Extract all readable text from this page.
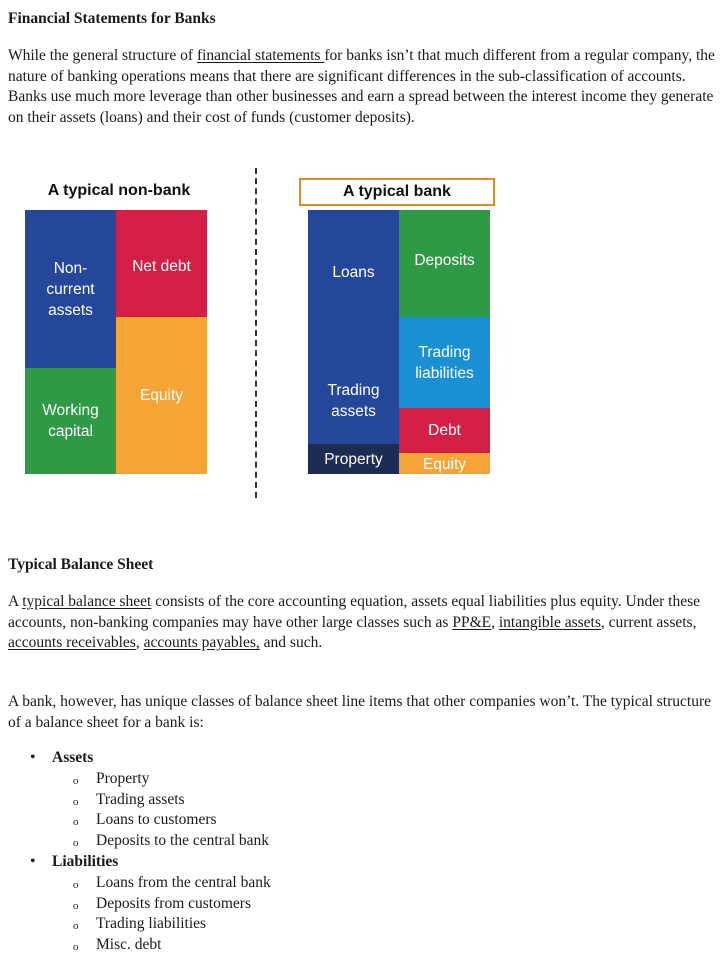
Financial Statements for Banks

While the general structure of financial statements for banks isn’t that much different from a regular company, the nature of banking operations means that there are significant differences in the sub-classification of accounts. Banks use much more leverage than other businesses and earn a spread between the interest income they generate on their assets (loans) and their cost of funds (customer deposits).

A typical non-bank
Non-
current
assets
Net debt
Working
capital
Equity
A typical bank
Loans
Deposits
Trading
liabilities
Trading
assets
Debt
Property	Equity
Typical Balance Sheet

A typical balance sheet consists of the core accounting equation, assets equal liabilities plus equity. Under these accounts, non-banking companies may have other large classes such as PP&E, intangible assets, current assets, accounts receivables, accounts payables, and such.

A bank, however, has unique classes of balance sheet line items that other companies won’t. The typical structure of a balance sheet for a bank is:

• Assets
o Property
o Trading assets
o Loans to customers
o Deposits to the central bank
• Liabilities
o Loans from the central bank
o Deposits from customers
o Trading liabilities
o Misc. debt
